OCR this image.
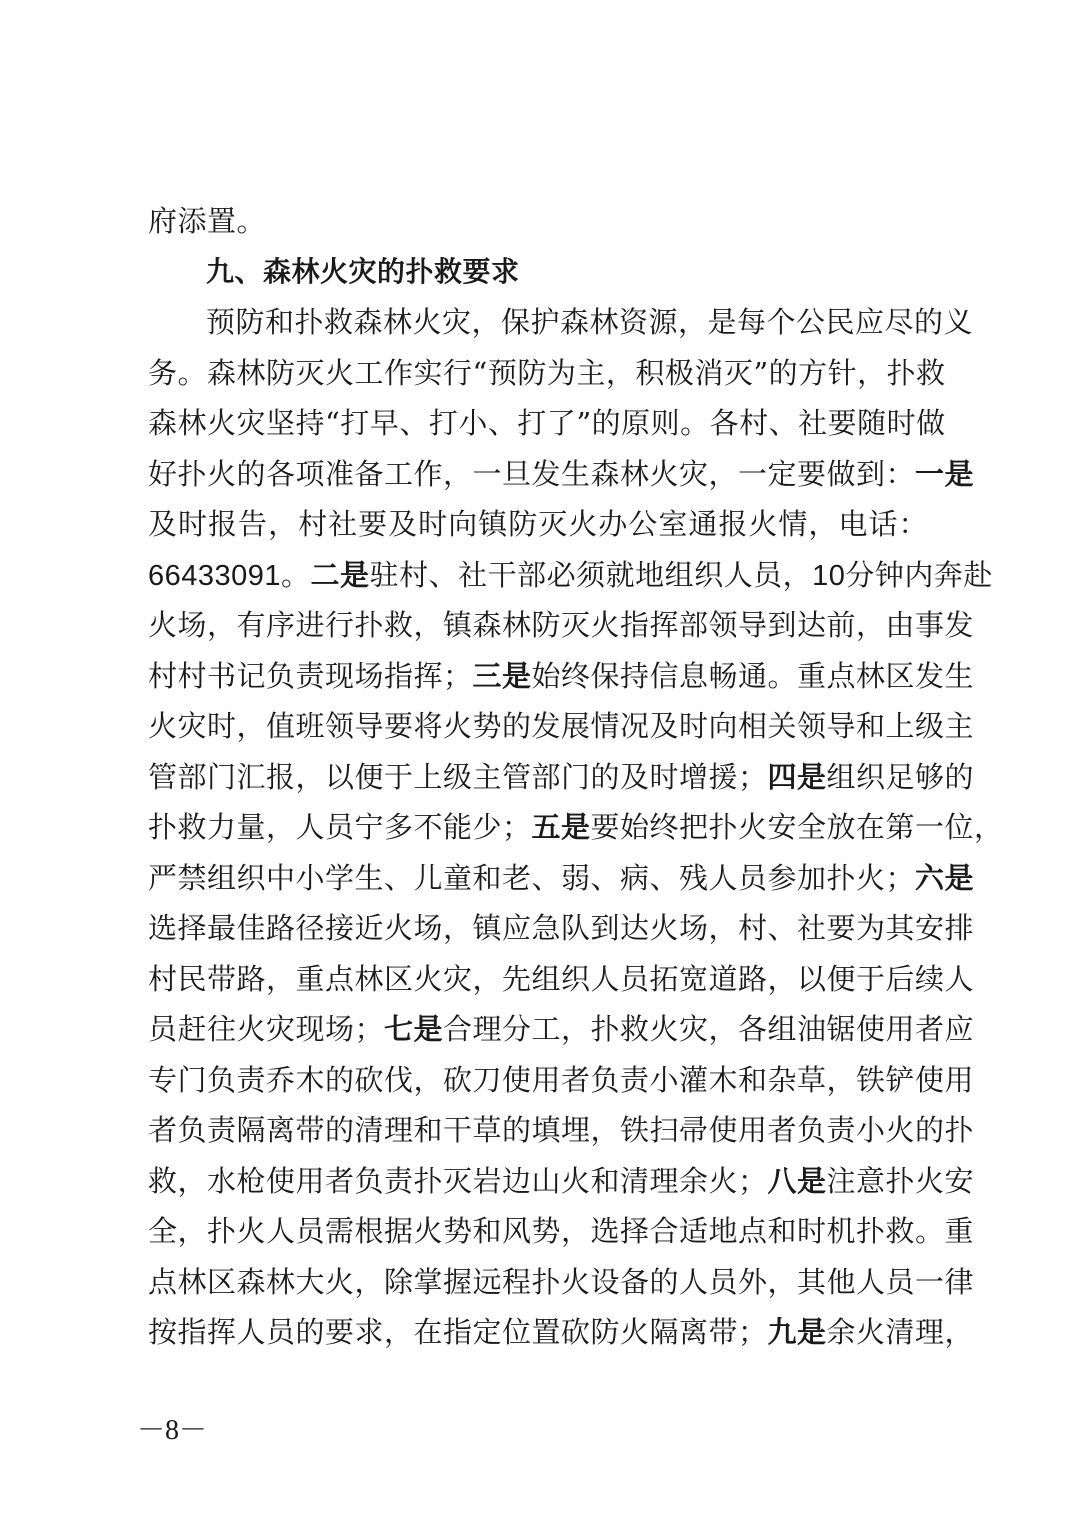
府添置。
九、森林火灾的扑救要求
预防和扑救森林火灾，保护森林资源，是每个公民应尽的义
务。森林防灭火工作实行“预防为主，积极消灭”的方针，扑救
森林火灾坚持“打早、打小、打了”的原则。各村、社要随时做
好扑火的各项准备工作，一旦发生森林火灾，一定要做到：一是
及时报告，村社要及时向镇防灭火办公室通报火情，电话：
66433091。二是驻村、社干部必须就地组织人员，10分钟内奔赴
火场，有序进行扑救，镇森林防灭火指挥部领导到达前，由事发
村村书记负责现场指挥；三是始终保持信息畅通。重点林区发生
火灾时，值班领导要将火势的发展情况及时向相关领导和上级主
管部门汇报，以便于上级主管部门的及时增援；四是组织足够的
扑救力量，人员宁多不能少；五是要始终把扑火安全放在第一位，
严禁组织中小学生、儿童和老、弱、病、残人员参加扑火；六是
选择最佳路径接近火场，镇应急队到达火场，村、社要为其安排
村民带路，重点林区火灾，先组织人员拓宽道路，以便于后续人
员赶往火灾现场；七是合理分工，扑救火灾，各组油锯使用者应
专门负责乔木的砍伐，砍刀使用者负责小灌木和杂草，铁铲使用
者负责隔离带的清理和干草的填埋，铁扫帚使用者负责小火的扑
救，水枪使用者负责扑灭岩边山火和清理余火；八是注意扑火安
全，扑火人员需根据火势和风势，选择合适地点和时机扑救。重
点林区森林大火，除掌握远程扑火设备的人员外，其他人员一律
按指挥人员的要求，在指定位置砍防火隔离带；九是余火清理，
－8－
